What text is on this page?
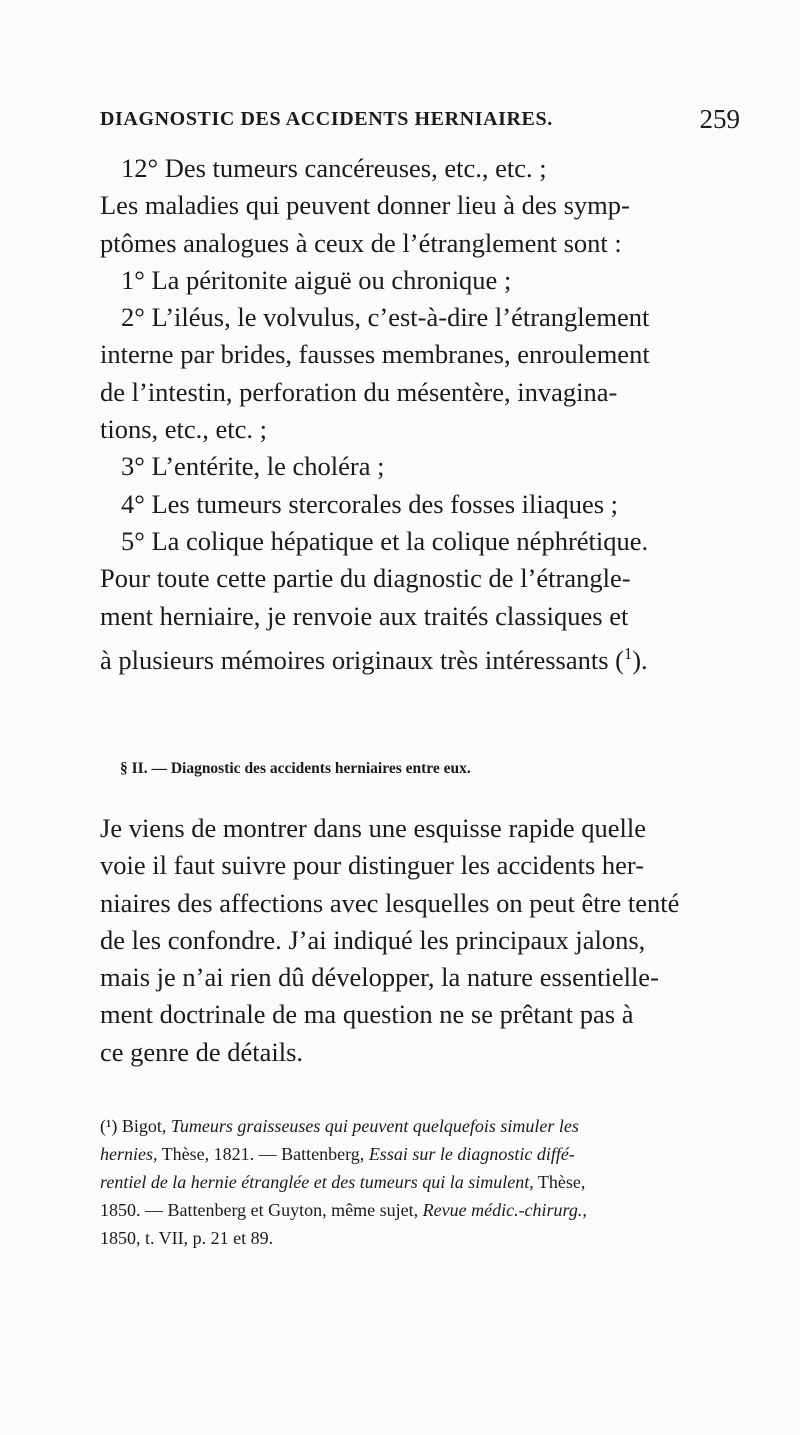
DIAGNOSTIC DES ACCIDENTS HERNIAIRES.	259
12° Des tumeurs cancéreuses, etc., etc. ;
Les maladies qui peuvent donner lieu à des symp-
ptômes analogues à ceux de l’étranglement sont :
1° La péritonite aiguë ou chronique ;
2° L’iléus, le volvulus, c’est-à-dire l’étranglement
interne par brides, fausses membranes, enroulement
de l’intestin, perforation du mésentère, invagina-
tions, etc., etc. ;
3° L’entérite, le choléra ;
4° Les tumeurs stercorales des fosses iliaques ;
5° La colique hépatique et la colique néphrétique.
Pour toute cette partie du diagnostic de l’étrangle-
ment herniaire, je renvoie aux traités classiques et
à plusieurs mémoires originaux très intéressants ($^1$).
§ II. — Diagnostic des accidents herniaires entre eux.
Je viens de montrer dans une esquisse rapide quelle
voie il faut suivre pour distinguer les accidents her-
niaires des affections avec lesquelles on peut être tenté
de les confondre. J’ai indiqué les principaux jalons,
mais je n’ai rien dû développer, la nature essentielle-
ment doctrinale de ma question ne se prêtant pas à
ce genre de détails.
(¹) Bigot, Tumeurs graisseuses qui peuvent quelquefois simuler les
hernies, Thèse, 1821. — Battenberg, Essai sur le diagnostic diffé-
rentiel de la hernie étranglée et des tumeurs qui la simulent, Thèse,
1850. — Battenberg et Guyton, même sujet, Revue médic.-chirurg.,
1850, t. VII, p. 21 et 89.
